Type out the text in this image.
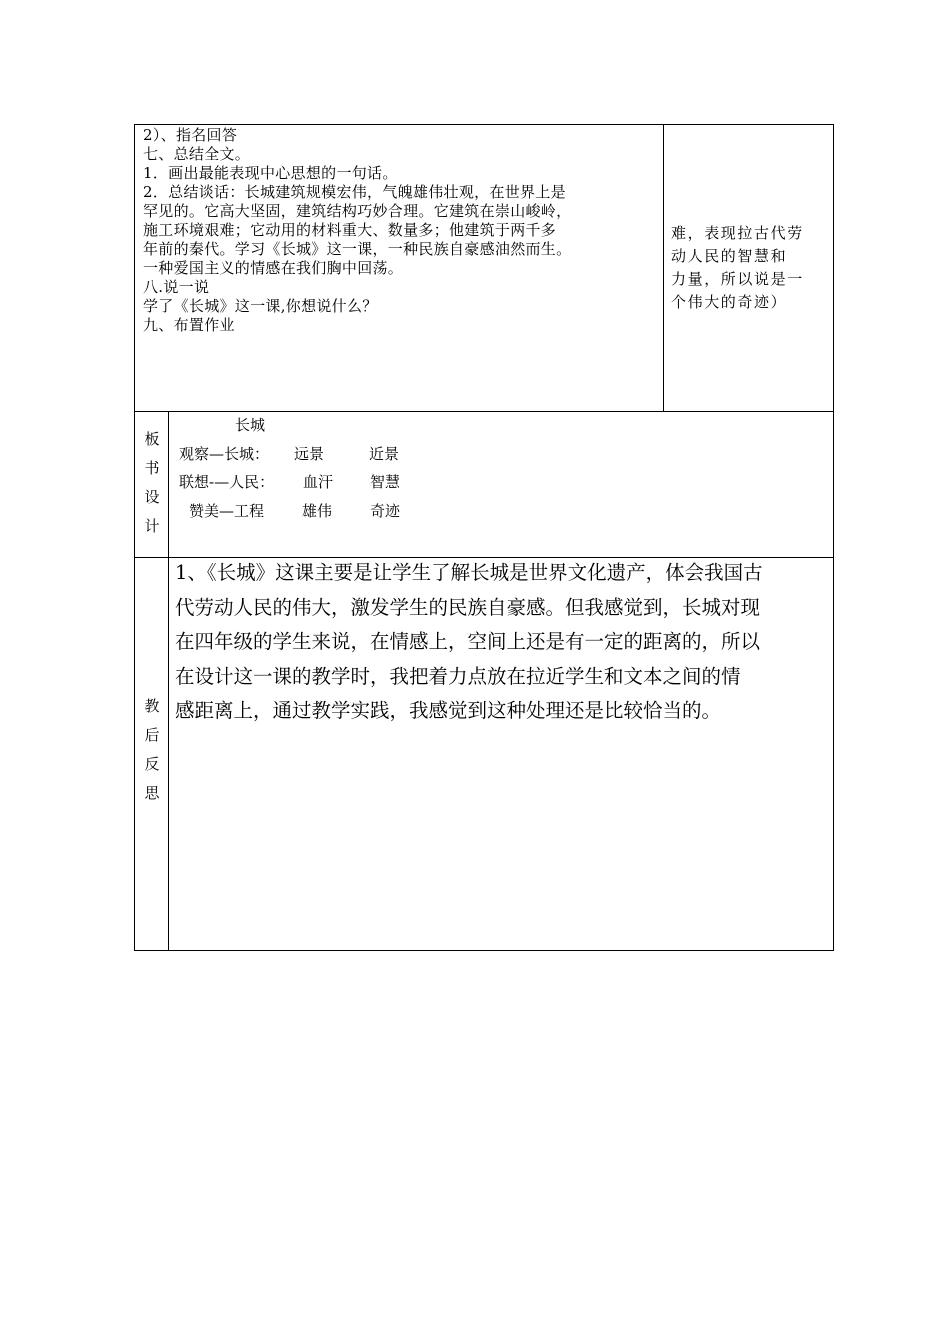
2）、指名回答
七、总结全文。
1．画出最能表现中心思想的一句话。
2．总结谈话：长城建筑规模宏伟，气魄雄伟壮观，在世界上是
罕见的。它高大坚固，建筑结构巧妙合理。它建筑在崇山峻岭，
施工环境艰难；它动用的材料重大、数量多；他建筑于两千多
年前的秦代。学习《长城》这一课，一种民族自豪感油然而生。
一种爱国主义的情感在我们胸中回荡。
八.说一说
学了《长城》这一课,你想说什么？
九、布置作业
难，表现拉古代劳
动人民的智慧和
力量，所以说是一
个伟大的奇迹）
板
书
设
计
长城
观察—长城： 远景	近景
联想-—人民： 血汗 智慧
赞美—工程	雄伟	奇迹
教
后
反
思
1、《长城》这课主要是让学生了解长城是世界文化遗产，体会我国古
代劳动人民的伟大，激发学生的民族自豪感。但我感觉到，长城对现
在四年级的学生来说，在情感上，空间上还是有一定的距离的，所以
在设计这一课的教学时，我把着力点放在拉近学生和文本之间的情
感距离上，通过教学实践，我感觉到这种处理还是比较恰当的。
